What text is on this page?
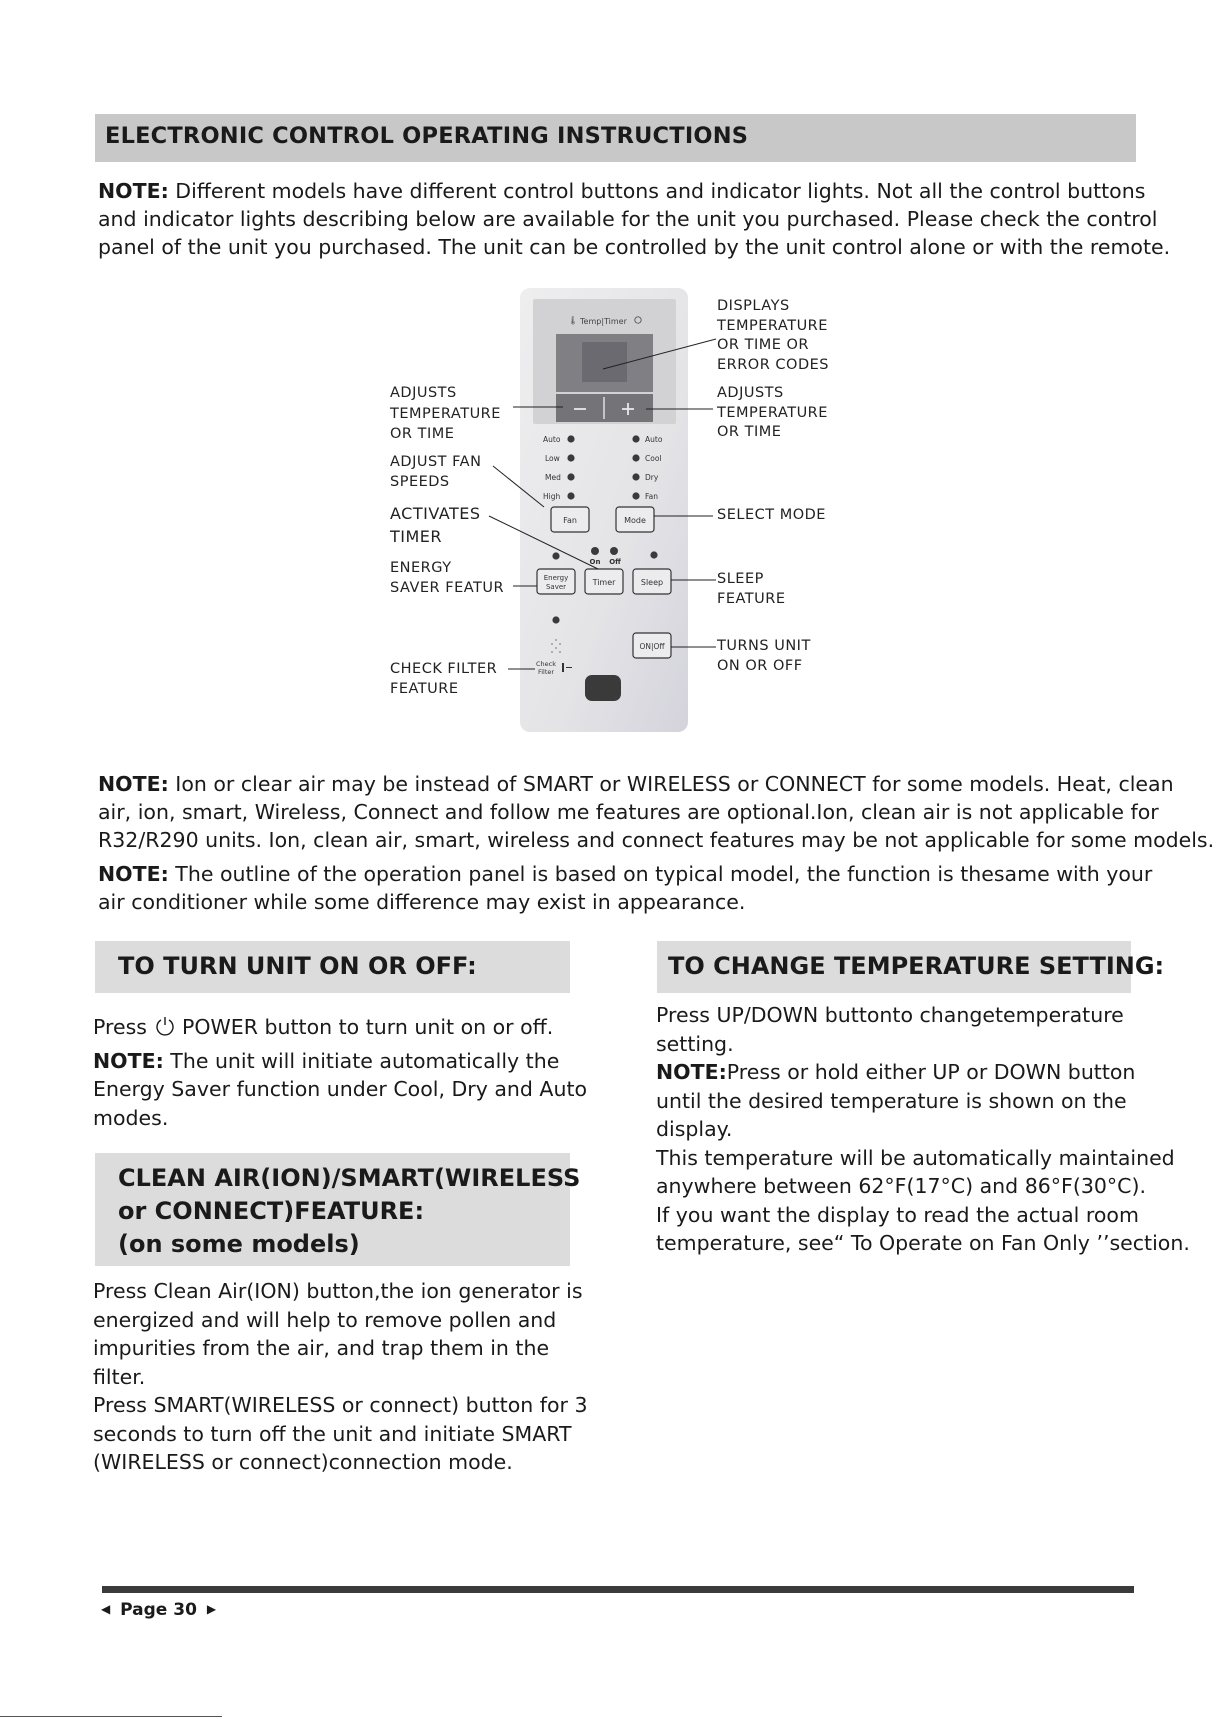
ELECTRONIC CONTROL OPERATING INSTRUCTIONS
NOTE: Different models have different control buttons and indicator lights. Not all the control buttons
and indicator lights describing below are available for the unit you purchased. Please check the control
panel of the unit you purchased. The unit can be controlled by the unit control alone or with the remote.
🌡 Temp|Timer
Auto
Low
Med
High
Auto
Cool
Dry
Fan
Fan	Mode
On Off
Energy
Saver	Timer	Sleep
Check
Filter
ON|Off
ADJUSTS
TEMPERATURE
OR TIME
ADJUST FAN
SPEEDS
ACTIVATES
TIMER
ENERGY
SAVER FEATUR
CHECK FILTER
FEATURE
DISPLAYS
TEMPERATURE
OR TIME OR
ERROR CODES
ADJUSTS
TEMPERATURE
OR TIME
SELECT MODE
SLEEP
FEATURE
TURNS UNIT
ON OR OFF
NOTE: Ion or clear air may be instead of SMART or WIRELESS or CONNECT for some models. Heat, clean
air, ion, smart, Wireless, Connect and follow me features are optional.Ion, clean air is not applicable for
R32/R290 units. Ion, clean air, smart, wireless and connect features may be not applicable for some models.
NOTE: The outline of the operation panel is based on typical model, the function is thesame with your
air conditioner while some difference may exist in appearance.
TO TURN UNIT ON OR OFF:
Press POWER button to turn unit on or off.
NOTE: The unit will initiate automatically the
Energy Saver function under Cool, Dry and Auto
modes.
CLEAN AIR(ION)/SMART(WIRELESS
or CONNECT)FEATURE:
(on some models)
Press Clean Air(ION) button,the ion generator is
energized and will help to remove pollen and
impurities from the air, and trap them in the filter.
Press SMART(WIRELESS or connect) button for 3
seconds to turn off the unit and initiate SMART
(WIRELESS or connect)connection mode.
TO CHANGE TEMPERATURE SETTING:
Press UP/DOWN buttonto changetemperature
setting.
NOTE:Press or hold either UP or DOWN button
until the desired temperature is shown on the
display.
This temperature will be automatically maintained
anywhere between 62°F(17°C) and 86°F(30°C).
If you want the display to read the actual room
temperature, see“ To Operate on Fan Only ’’section.
◀ Page 30 ▶
